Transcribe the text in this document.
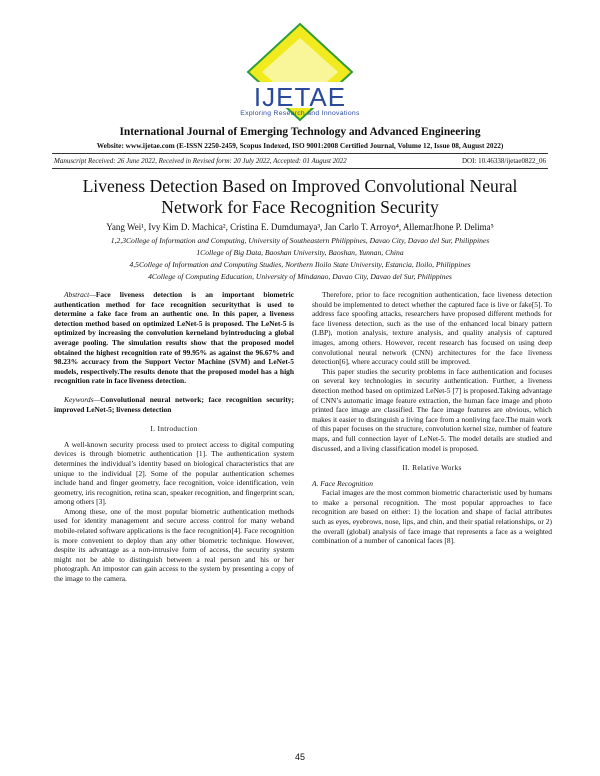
IJETAE
Exploring Research and Innovations
International Journal of Emerging Technology and Advanced Engineering
Website: www.ijetae.com (E-ISSN 2250-2459, Scopus Indexed, ISO 9001:2008 Certified Journal, Volume 12, Issue 08, August 2022)
Manuscript Received: 26 June 2022, Received in Revised form: 20 July 2022, Accepted: 01 August 2022	DOI: 10.46338/ijetae0822_06
Liveness Detection Based on Improved Convolutional Neural
Network for Face Recognition Security
Yang Wei¹, Ivy Kim D. Machica², Cristina E. Dumdumaya³, Jan Carlo T. Arroyo⁴, AllemarJhone P. Delima⁵
1,2,3College of Information and Computing, University of Southeastern Philippines, Davao City, Davao del Sur, Philippines
1College of Big Data, Baoshan University, Baoshan, Yunnan, China
4,5College of Information and Computing Studies, Northern Iloilo State University, Estancia, Iloilo, Philippines
4College of Computing Education, University of Mindanao, Davao City, Davao del Sur, Philippines

Abstract—Face liveness detection is an important biometric authentication method for face recognition securitythat is used to determine a fake face from an authentic one. In this paper, a liveness detection method based on optimized LeNet-5 is proposed. The LeNet-5 is optimized by increasing the convolution kerneland byintroducing a global average pooling. The simulation results show that the proposed model obtained the highest recognition rate of 99.95% as against the 96.67% and 98.23% accuracy from the Support Vector Machine (SVM) and LeNet-5 models, respectively.The results denote that the proposed model has a high recognition rate in face liveness detection.

Keywords—Convolutional neural network; face recognition security; improved LeNet-5; liveness detection

I. Introduction

A well-known security process used to protect access to digital computing devices is through biometric authentication [1]. The authentication system determines the individual’s identity based on biological characteristics that are unique to the individual [2]. Some of the popular authentication schemes include hand and finger geometry, face recognition, voice identification, vein geometry, iris recognition, retina scan, speaker recognition, and fingerprint scan, among others [3].

Among these, one of the most popular biometric authentication methods used for identity management and secure access control for many weband mobile-related software applications is the face recognition[4]. Face recognition is more convenient to deploy than any other biometric technique. However, despite its advantage as a non-intrusive form of access, the security system might not be able to distinguish between a real person and his or her photograph. An impostor can gain access to the system by presenting a copy of the image to the camera.

Therefore, prior to face recognition authentication, face liveness detection should be implemented to detect whether the captured face is live or fake[5]. To address face spoofing attacks, researchers have proposed different methods for face liveness detection, such as the use of the enhanced local binary pattern (LBP), motion analysis, texture analysis, and quality analysis of captured images, among others. However, recent research has focused on using deep convolutional neural network (CNN) architectures for the face liveness detection[6], where accuracy could still be improved.

This paper studies the security problems in face authentication and focuses on several key technologies in security authentication. Further, a liveness detection method based on optimized LeNet-5 [7] is proposed.Taking advantage of CNN’s automatic image feature extraction, the human face image and photo printed face image are classified. The face image features are obvious, which makes it easier to distinguish a living face from a nonliving face.The main work of this paper focuses on the structure, convolution kernel size, number of feature maps, and full connection layer of LeNet-5. The model details are studied and discussed, and a living classification model is proposed.

II. Relative Works

A. Face Recognition

Facial images are the most common biometric characteristic used by humans to make a personal recognition. The most popular approaches to face recognition are based on either: 1) the location and shape of facial attributes such as eyes, eyebrows, nose, lips, and chin, and their spatial relationships, or 2) the overall (global) analysis of face image that represents a face as a weighted combination of a number of canonical faces [8].

45
